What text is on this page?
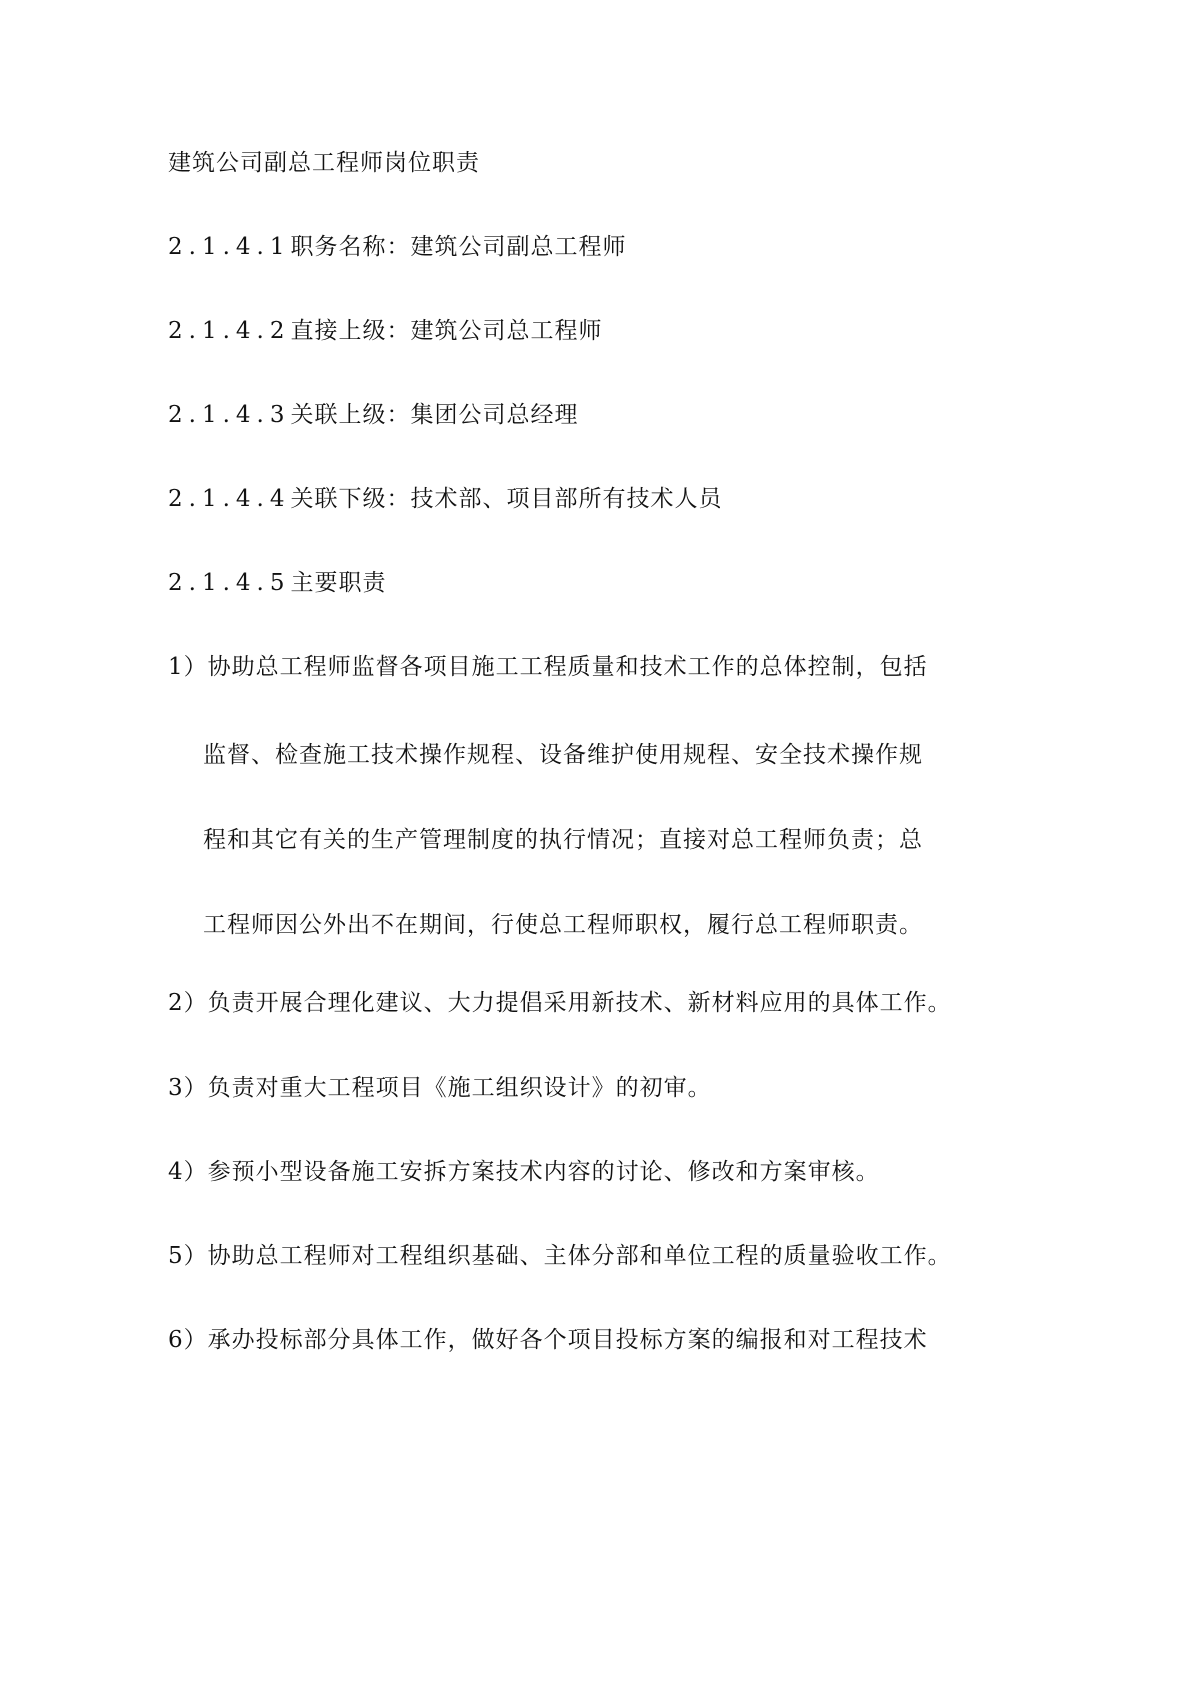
建筑公司副总工程师岗位职责
2.1.4.1职务名称：建筑公司副总工程师
2.1.4.2直接上级：建筑公司总工程师
2.1.4.3关联上级：集团公司总经理
2.1.4.4关联下级：技术部、项目部所有技术人员
2.1.4.5主要职责
1）协助总工程师监督各项目施工工程质量和技术工作的总体控制，包括
监督、检查施工技术操作规程、设备维护使用规程、安全技术操作规
程和其它有关的生产管理制度的执行情况；直接对总工程师负责；总
工程师因公外出不在期间，行使总工程师职权，履行总工程师职责。
2）负责开展合理化建议、大力提倡采用新技术、新材料应用的具体工作。
3）负责对重大工程项目《施工组织设计》的初审。
4）参预小型设备施工安拆方案技术内容的讨论、修改和方案审核。
5）协助总工程师对工程组织基础、主体分部和单位工程的质量验收工作。
6）承办投标部分具体工作，做好各个项目投标方案的编报和对工程技术
